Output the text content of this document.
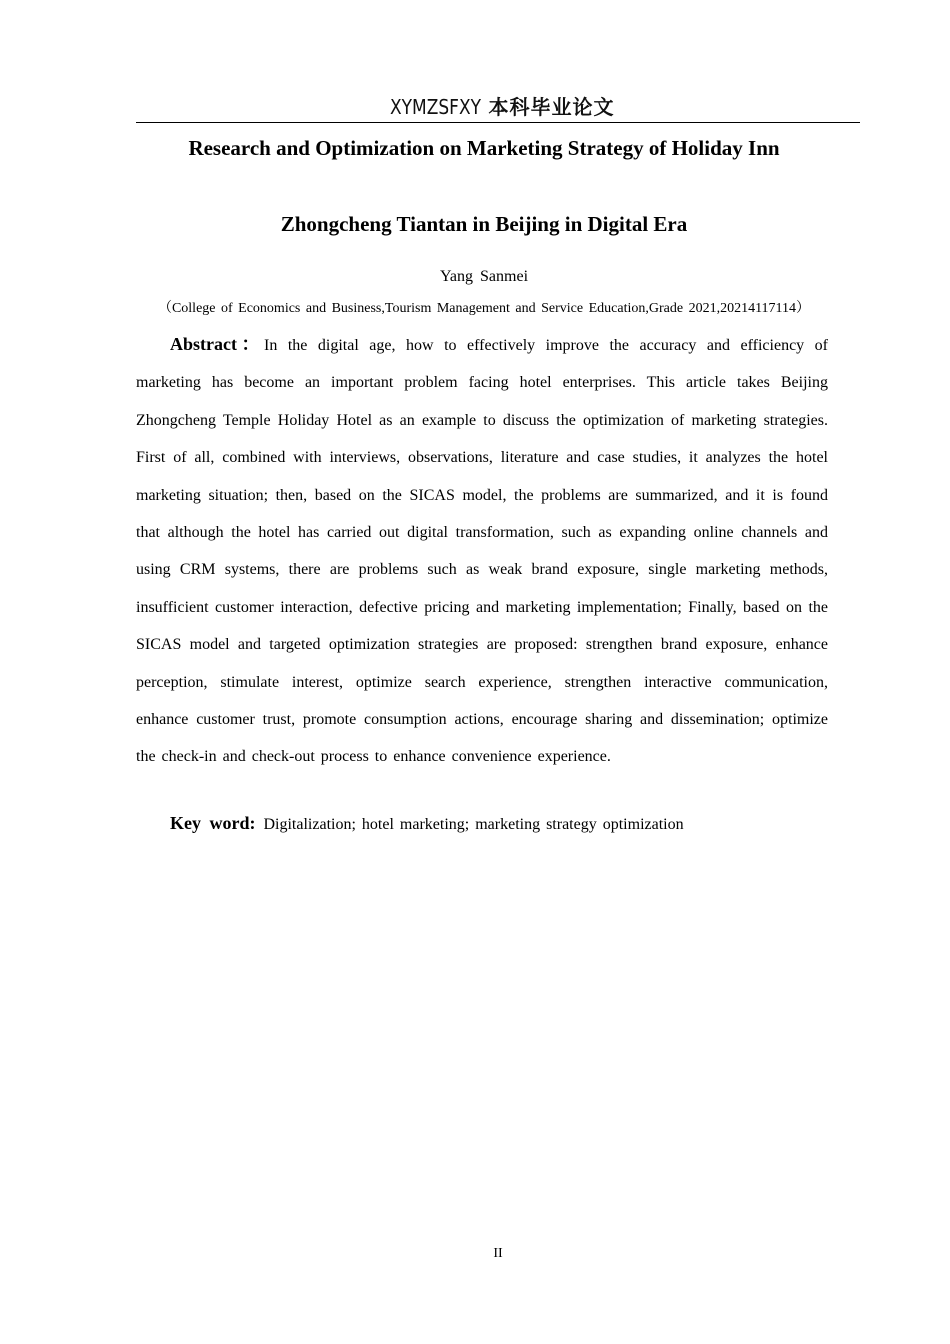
XYMZSFXY 本科毕业论文
Research and Optimization on Marketing Strategy of Holiday Inn
Zhongcheng Tiantan in Beijing in Digital Era
Yang Sanmei
（College of Economics and Business,Tourism Management and Service Education,Grade 2021,20214117114）
Abstract：In the digital age, how to effectively improve the accuracy and efficiency of marketing has become an important problem facing hotel enterprises. This article takes Beijing Zhongcheng Temple Holiday Hotel as an example to discuss the optimization of marketing strategies. First of all, combined with interviews, observations, literature and case studies, it analyzes the hotel marketing situation; then, based on the SICAS model, the problems are summarized, and it is found that although the hotel has carried out digital transformation, such as expanding online channels and using CRM systems, there are problems such as weak brand exposure, single marketing methods, insufficient customer interaction, defective pricing and marketing implementation; Finally, based on the SICAS model and targeted optimization strategies are proposed: strengthen brand exposure, enhance perception, stimulate interest, optimize search experience, strengthen interactive communication, enhance customer trust, promote consumption actions, encourage sharing and dissemination; optimize the check-in and check-out process to enhance convenience experience.
Key word: Digitalization; hotel marketing; marketing strategy optimization
II
